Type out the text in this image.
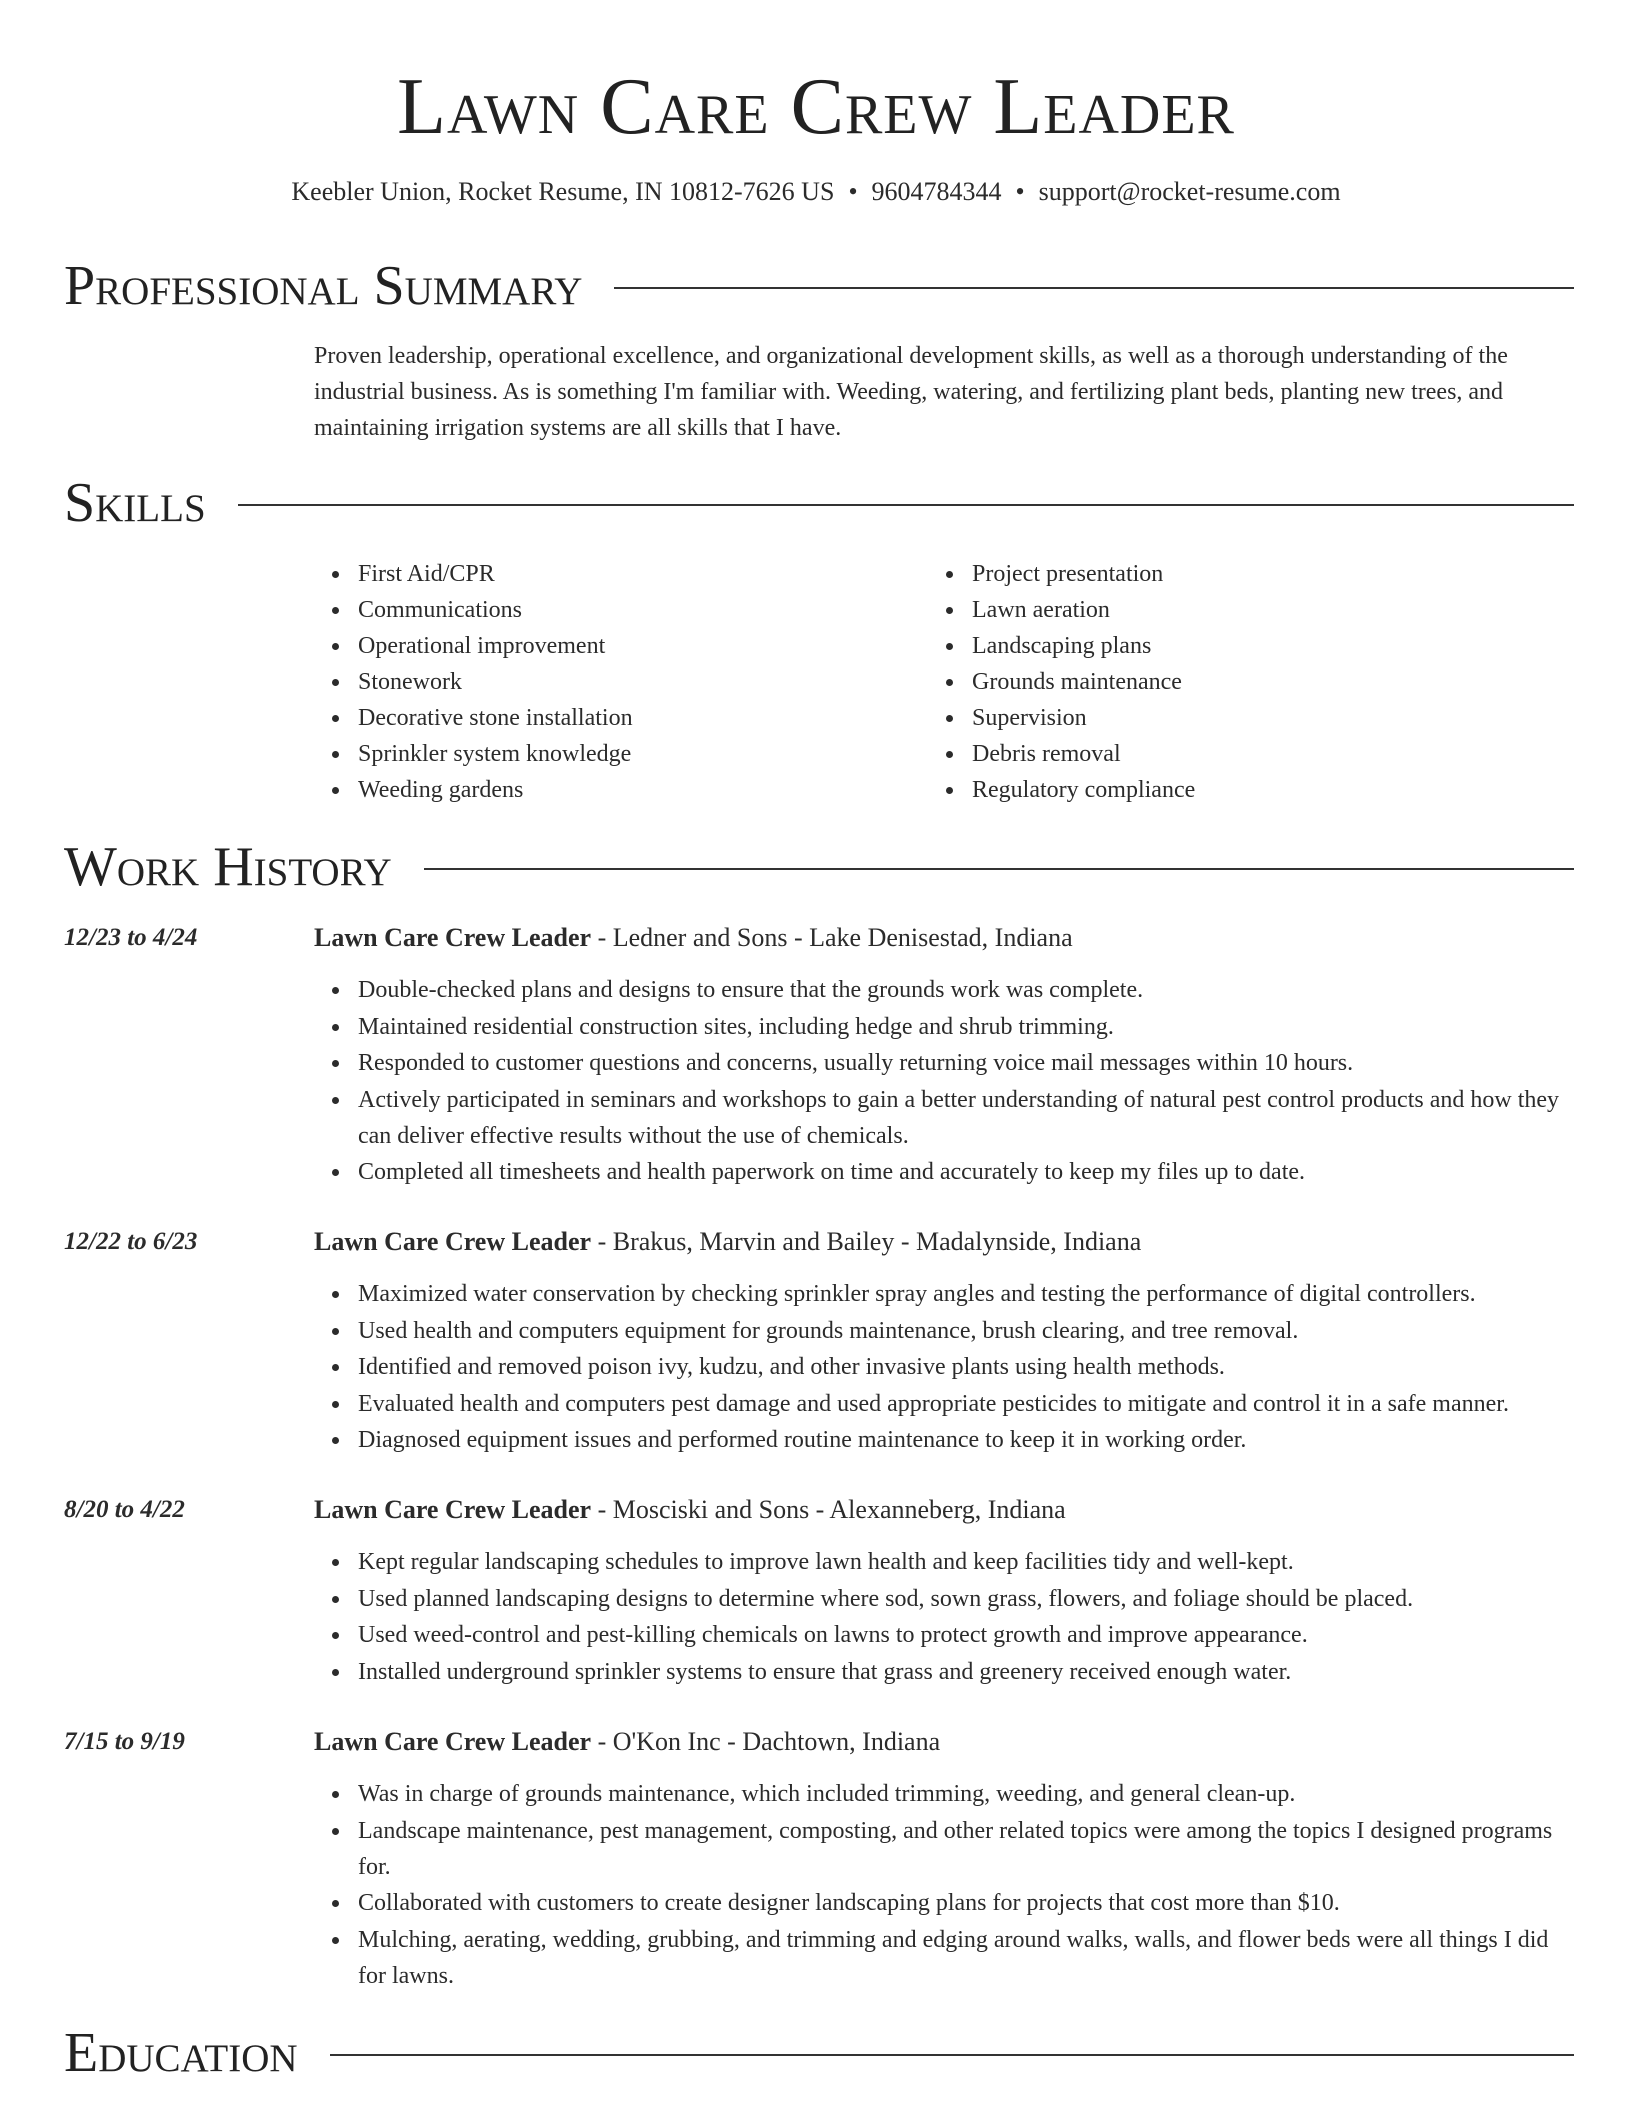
Lawn Care Crew Leader
Keebler Union, Rocket Resume, IN 10812-7626 US • 9604784344 • support@rocket-resume.com
Professional Summary
Proven leadership, operational excellence, and organizational development skills, as well as a thorough understanding of the industrial business. As is something I'm familiar with. Weeding, watering, and fertilizing plant beds, planting new trees, and maintaining irrigation systems are all skills that I have.
Skills
First Aid/CPR
Communications
Operational improvement
Stonework
Decorative stone installation
Sprinkler system knowledge
Weeding gardens
Project presentation
Lawn aeration
Landscaping plans
Grounds maintenance
Supervision
Debris removal
Regulatory compliance
Work History
12/23 to 4/24	Lawn Care Crew Leader - Ledner and Sons - Lake Denisestad, Indiana
Double-checked plans and designs to ensure that the grounds work was complete.
Maintained residential construction sites, including hedge and shrub trimming.
Responded to customer questions and concerns, usually returning voice mail messages within 10 hours.
Actively participated in seminars and workshops to gain a better understanding of natural pest control products and how they can deliver effective results without the use of chemicals.
Completed all timesheets and health paperwork on time and accurately to keep my files up to date.
12/22 to 6/23	Lawn Care Crew Leader - Brakus, Marvin and Bailey - Madalynside, Indiana
Maximized water conservation by checking sprinkler spray angles and testing the performance of digital controllers.
Used health and computers equipment for grounds maintenance, brush clearing, and tree removal.
Identified and removed poison ivy, kudzu, and other invasive plants using health methods.
Evaluated health and computers pest damage and used appropriate pesticides to mitigate and control it in a safe manner.
Diagnosed equipment issues and performed routine maintenance to keep it in working order.
8/20 to 4/22	Lawn Care Crew Leader - Mosciski and Sons - Alexanneberg, Indiana
Kept regular landscaping schedules to improve lawn health and keep facilities tidy and well-kept.
Used planned landscaping designs to determine where sod, sown grass, flowers, and foliage should be placed.
Used weed-control and pest-killing chemicals on lawns to protect growth and improve appearance.
Installed underground sprinkler systems to ensure that grass and greenery received enough water.
7/15 to 9/19	Lawn Care Crew Leader - O'Kon Inc - Dachtown, Indiana
Was in charge of grounds maintenance, which included trimming, weeding, and general clean-up.
Landscape maintenance, pest management, composting, and other related topics were among the topics I designed programs for.
Collaborated with customers to create designer landscaping plans for projects that cost more than $10.
Mulching, aerating, wedding, grubbing, and trimming and edging around walks, walls, and flower beds were all things I did for lawns.
Education
